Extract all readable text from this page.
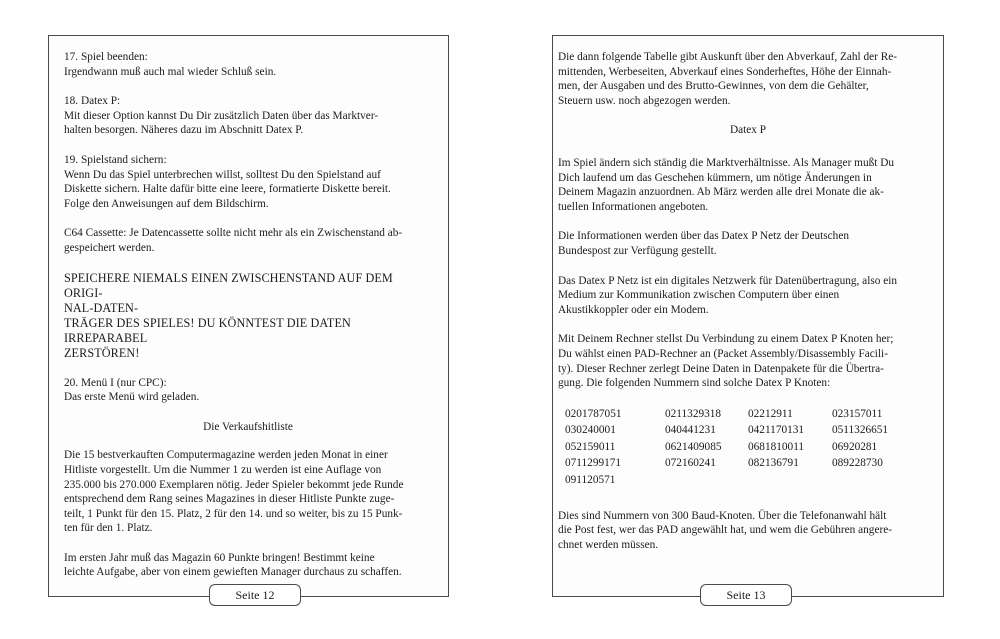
17. Spiel beenden:
Irgendwann muß auch mal wieder Schluß sein.
18. Datex P:
Mit dieser Option kannst Du Dir zusätzlich Daten über das Marktver-
halten besorgen. Näheres dazu im Abschnitt Datex P.
19. Spielstand sichern:
Wenn Du das Spiel unterbrechen willst, solltest Du den Spielstand auf
Diskette sichern. Halte dafür bitte eine leere, formatierte Diskette bereit.
Folge den Anweisungen auf dem Bildschirm.
C64 Cassette: Je Datencassette sollte nicht mehr als ein Zwischenstand ab-
gespeichert werden.
SPEICHERE NIEMALS EINEN ZWISCHENSTAND AUF DEM ORIGI-
NAL-DATEN-
TRÄGER DES SPIELES! DU KÖNNTEST DIE DATEN IRREPARABEL
ZERSTÖREN!
20. Menü I (nur CPC):
Das erste Menü wird geladen.
Die Verkaufshitliste
Die 15 bestverkauften Computermagazine werden jeden Monat in einer
Hitliste vorgestellt. Um die Nummer 1 zu werden ist eine Auflage von
235.000 bis 270.000 Exemplaren nötig. Jeder Spieler bekommt jede Runde
entsprechend dem Rang seines Magazines in dieser Hitliste Punkte zuge-
teilt, 1 Punkt für den 15. Platz, 2 für den 14. und so weiter, bis zu 15 Punk-
ten für den 1. Platz.
Im ersten Jahr muß das Magazin 60 Punkte bringen! Bestimmt keine
leichte Aufgabe, aber von einem gewieften Manager durchaus zu schaffen.
Seite 12
Die dann folgende Tabelle gibt Auskunft über den Abverkauf, Zahl der Re-
mittenden, Werbeseiten, Abverkauf eines Sonderheftes, Höhe der Einnah-
men, der Ausgaben und des Brutto-Gewinnes, von dem die Gehälter,
Steuern usw. noch abgezogen werden.
Datex P
Im Spiel ändern sich ständig die Marktverhältnisse. Als Manager mußt Du
Dich laufend um das Geschehen kümmern, um nötige Änderungen in
Deinem Magazin anzuordnen. Ab März werden alle drei Monate die ak-
tuellen Informationen angeboten.
Die Informationen werden über das Datex P Netz der Deutschen
Bundespost zur Verfügung gestellt.
Das Datex P Netz ist ein digitales Netzwerk für Datenübertragung, also ein
Medium zur Kommunikation zwischen Computern über einen
Akustikkoppler oder ein Modem.
Mit Deinem Rechner stellst Du Verbindung zu einem Datex P Knoten her;
Du wählst einen PAD-Rechner an (Packet Assembly/Disassembly Facili-
ty). Dieser Rechner zerlegt Deine Daten in Datenpakete für die Übertra-
gung. Die folgenden Nummern sind solche Datex P Knoten:
0201787051	0211329318	02212911	023157011
030240001	040441231	0421170131	0511326651
052159011	0621409085	0681810011	06920281
0711299171	072160241	082136791	089228730
091120571
Dies sind Nummern von 300 Baud-Knoten. Über die Telefonanwahl hält
die Post fest, wer das PAD angewählt hat, und wem die Gebühren angere-
chnet werden müssen.
Seite 13
